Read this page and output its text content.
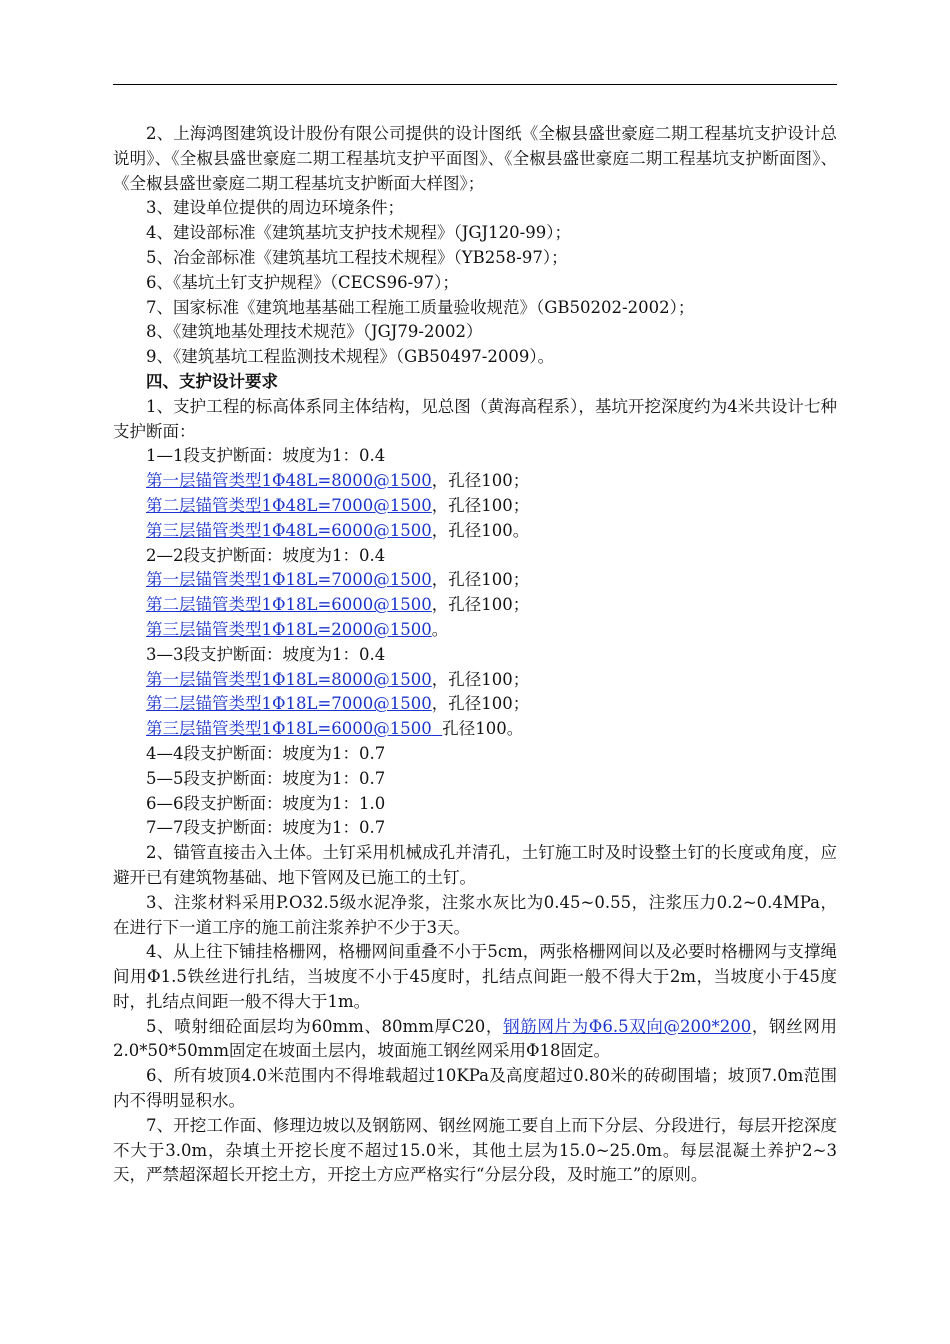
2、上海鸿图建筑设计股份有限公司提供的设计图纸《全椒县盛世豪庭二期工程基坑支护设计总说明》、《全椒县盛世豪庭二期工程基坑支护平面图》、《全椒县盛世豪庭二期工程基坑支护断面图》、《全椒县盛世豪庭二期工程基坑支护断面大样图》；

3、建设单位提供的周边环境条件；

4、建设部标准《建筑基坑支护技术规程》（JGJ120-99）；

5、冶金部标准《建筑基坑工程技术规程》（YB258-97）；

6、《基坑土钉支护规程》（CECS96-97）；

7、国家标准《建筑地基基础工程施工质量验收规范》（GB50202-2002）；

8、《建筑地基处理技术规范》（JGJ79-2002）

9、《建筑基坑工程监测技术规程》（GB50497-2009）。

四、支护设计要求

1、支护工程的标高体系同主体结构，见总图（黄海高程系），基坑开挖深度约为4米共设计七种支护断面：

1—1段支护断面：坡度为1：0.4

第一层锚管类型1Φ48L=8000@1500，孔径100；

第二层锚管类型1Φ48L=7000@1500，孔径100；

第三层锚管类型1Φ48L=6000@1500，孔径100。

2—2段支护断面：坡度为1：0.4

第一层锚管类型1Φ18L=7000@1500，孔径100；

第二层锚管类型1Φ18L=6000@1500，孔径100；

第三层锚管类型1Φ18L=2000@1500。

3—3段支护断面：坡度为1：0.4

第一层锚管类型1Φ18L=8000@1500，孔径100；

第二层锚管类型1Φ18L=7000@1500，孔径100；

第三层锚管类型1Φ18L=6000@1500 孔径100。

4—4段支护断面：坡度为1：0.7

5—5段支护断面：坡度为1：0.7

6—6段支护断面：坡度为1：1.0

7—7段支护断面：坡度为1：0.7

2、锚管直接击入土体。土钉采用机械成孔并清孔，土钉施工时及时设整土钉的长度或角度，应避开已有建筑物基础、地下管网及已施工的土钉。

3、注浆材料采用P.O32.5级水泥净浆，注浆水灰比为0.45~0.55，注浆压力0.2~0.4MPa，在进行下一道工序的施工前注浆养护不少于3天。

4、从上往下铺挂格栅网，格栅网间重叠不小于5cm，两张格栅网间以及必要时格栅网与支撑绳间用Φ1.5铁丝进行扎结，当坡度不小于45度时，扎结点间距一般不得大于2m，当坡度小于45度时，扎结点间距一般不得大于1m。

5、喷射细砼面层均为60mm、80mm厚C20，钢筋网片为Φ6.5双向@200*200，钢丝网用2.0*50*50mm固定在坡面土层内，坡面施工钢丝网采用Φ18固定。

6、所有坡顶4.0米范围内不得堆载超过10KPa及高度超过0.80米的砖砌围墙；坡顶7.0m范围内不得明显积水。

7、开挖工作面、修理边坡以及钢筋网、钢丝网施工要自上而下分层、分段进行，每层开挖深度不大于3.0m，杂填土开挖长度不超过15.0米，其他土层为15.0~25.0m。每层混凝土养护2~3天，严禁超深超长开挖土方，开挖土方应严格实行“分层分段，及时施工”的原则。
